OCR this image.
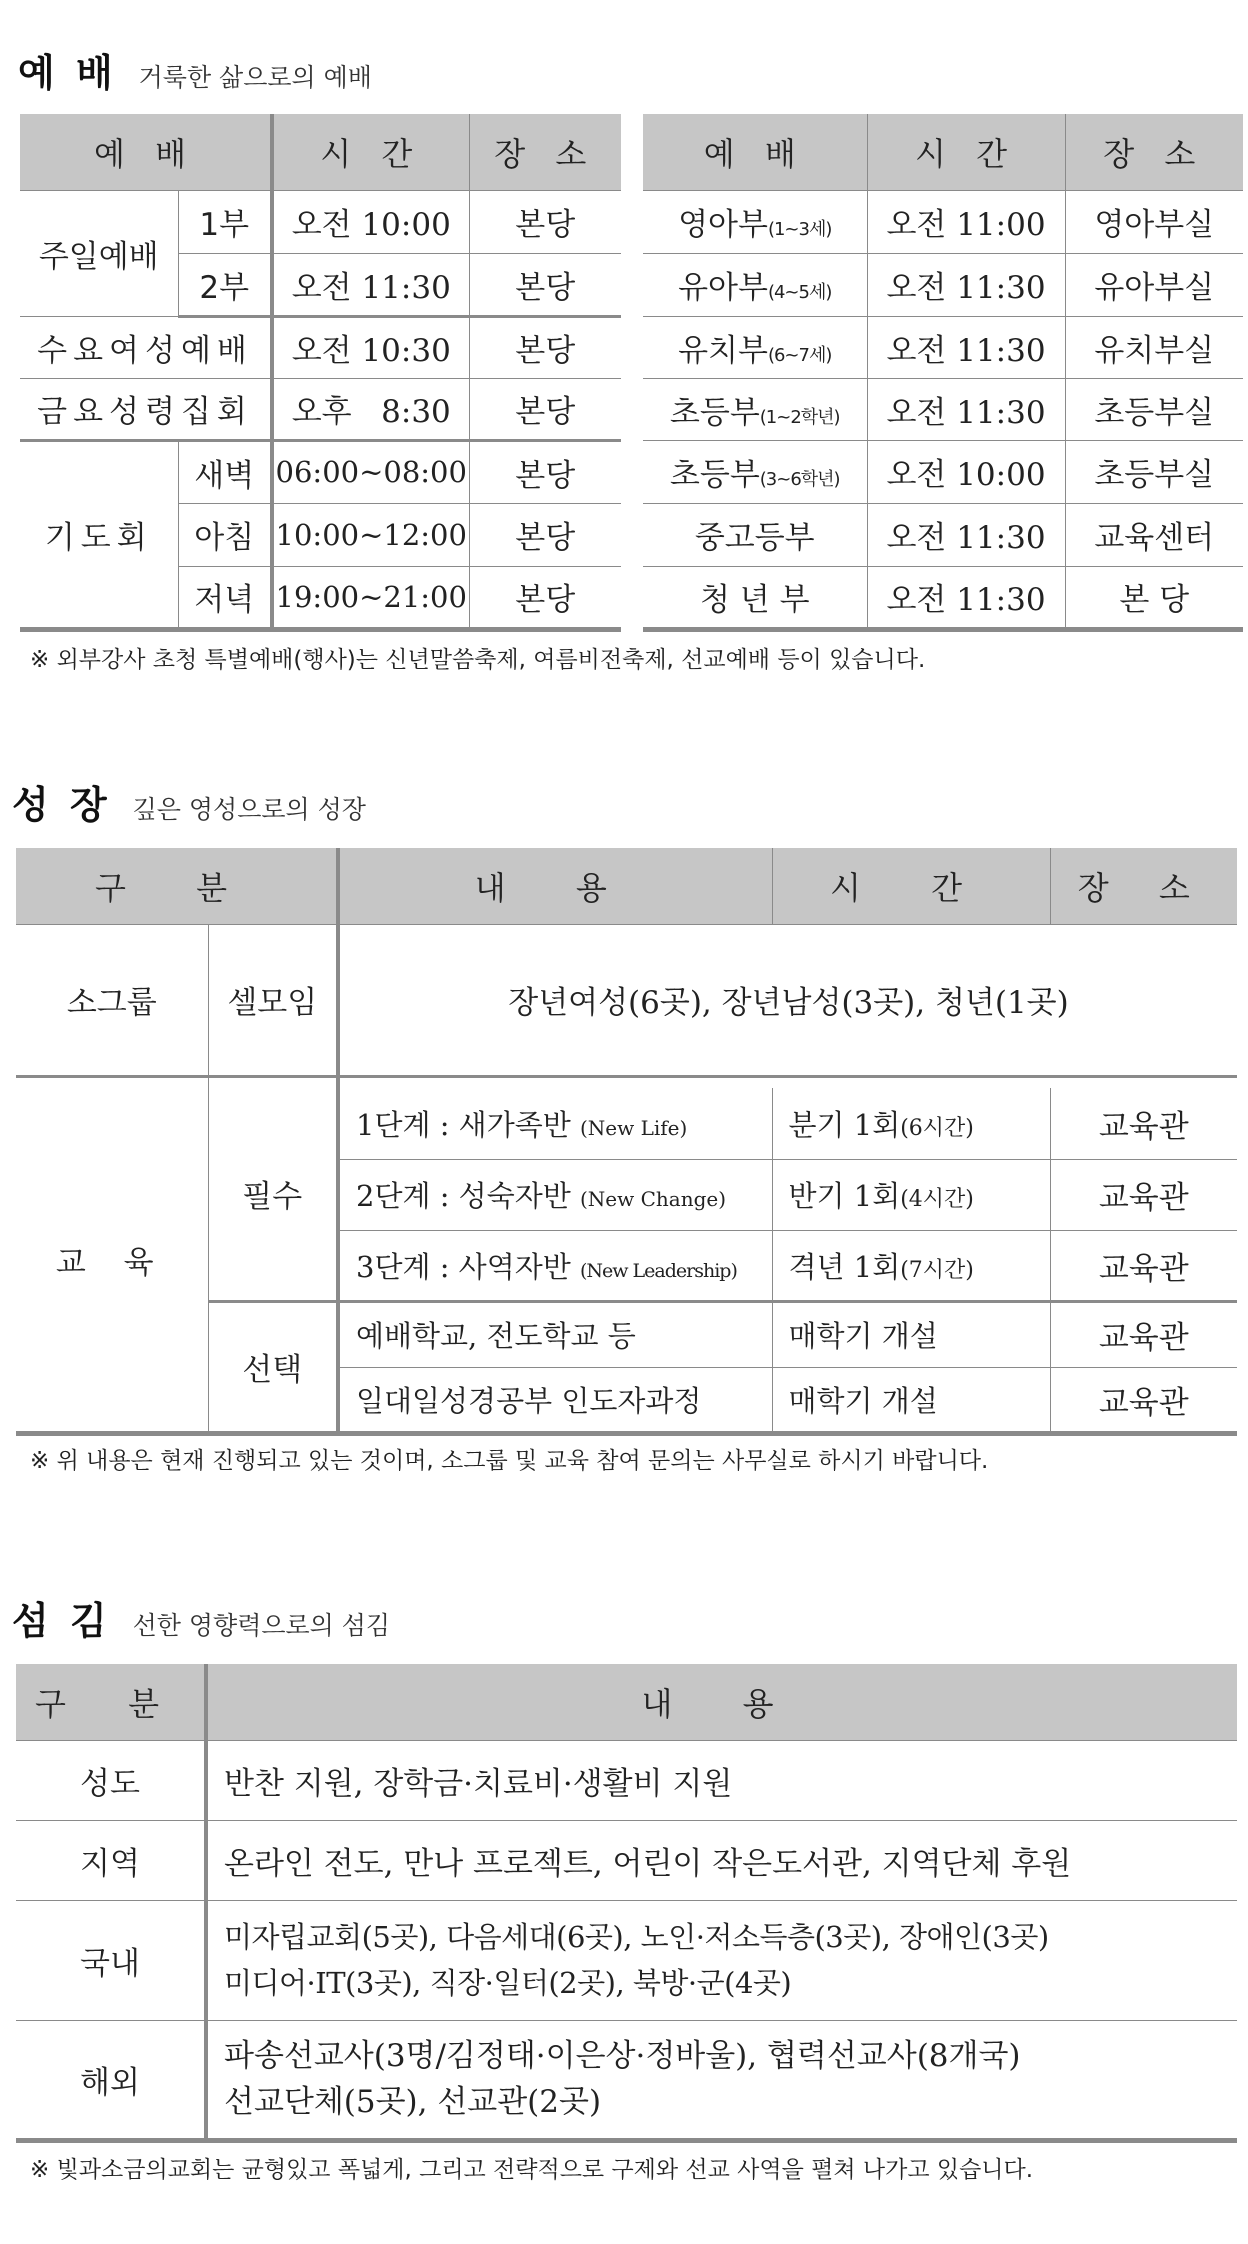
예 배 거룩한 삶으로의 예배
예 배		시 간	장 소
주일예배	1부	오전 10:00	본당
	2부	오전 11:30	본당
수요여성예배		오전 10:30	본당
금요성령집회		오후   8:30	본당
기도회	새벽	06:00~08:00	본당
	아침	10:00~12:00	본당
	저녁	19:00~21:00	본당
예 배	시 간	장 소
영아부(1~3세)	오전 11:00	영아부실
유아부(4~5세)	오전 11:30	유아부실
유치부(6~7세)	오전 11:30	유치부실
초등부(1~2학년)	오전 11:30	초등부실
초등부(3~6학년)	오전 10:00	초등부실
중고등부	오전 11:30	교육센터
청 년 부	오전 11:30	본 당
※ 외부강사 초청 특별예배(행사)는 신년말씀축제, 여름비전축제, 선교예배 등이 있습니다.
성 장 깊은 영성으로의 성장
구 분		내 용	시 간	장 소
소그룹	셀모임	장년여성(6곳), 장년남성(3곳), 청년(1곳)		

교 육	필수	1단계 : 새가족반 (New Life)	분기 1회(6시간)	교육관
		2단계 : 성숙자반 (New Change)	반기 1회(4시간)	교육관
		3단계 : 사역자반 (New Leadership)	격년 1회(7시간)	교육관
	선택	예배학교, 전도학교 등	매학기 개설	교육관
		일대일성경공부 인도자과정	매학기 개설	교육관
※ 위 내용은 현재 진행되고 있는 것이며, 소그룹 및 교육 참여 문의는 사무실로 하시기 바랍니다.
섬 김 선한 영향력으로의 섬김
구 분	내 용
성도	반찬 지원, 장학금·치료비·생활비 지원

지역	온라인 전도, 만나 프로젝트, 어린이 작은도서관, 지역단체 후원

국내	미자립교회(5곳), 다음세대(6곳), 노인·저소득층(3곳), 장애인(3곳)
미디어·IT(3곳), 직장·일터(2곳), 북방·군(4곳)

해외	파송선교사(3명/김정태·이은상·정바울), 협력선교사(8개국)
선교단체(5곳), 선교관(2곳)
※ 빛과소금의교회는 균형있고 폭넓게, 그리고 전략적으로 구제와 선교 사역을 펼쳐 나가고 있습니다.
